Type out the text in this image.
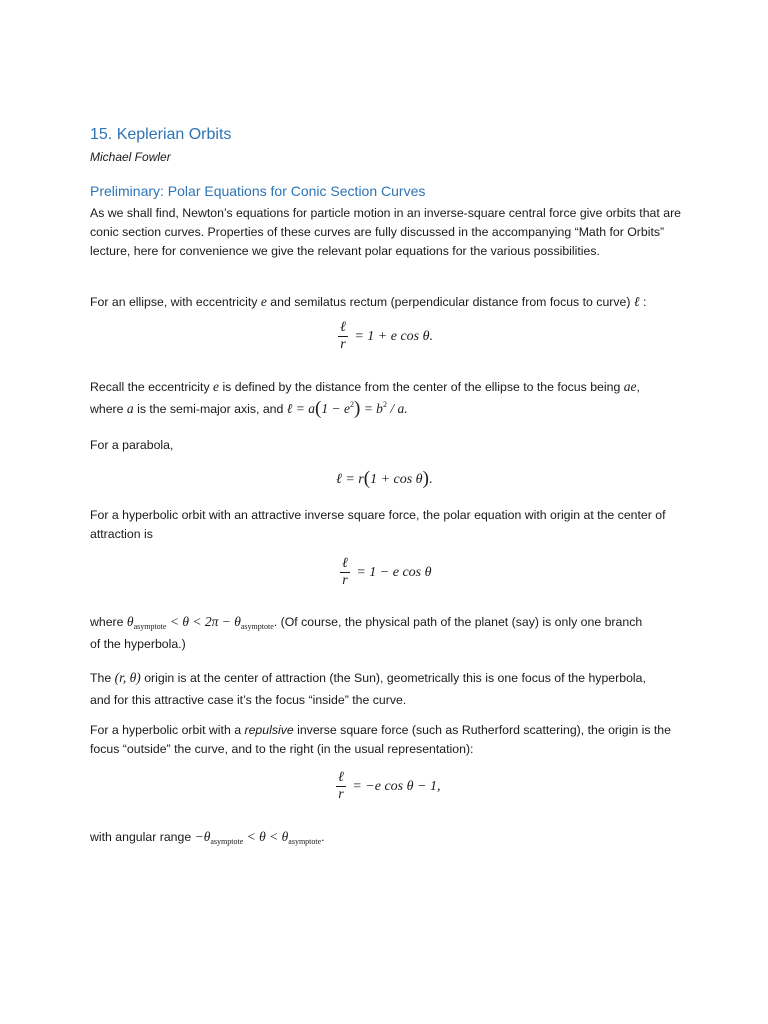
15. Keplerian Orbits
Michael Fowler
Preliminary: Polar Equations for Conic Section Curves
As we shall find, Newton’s equations for particle motion in an inverse-square central force give orbits that are conic section curves. Properties of these curves are fully discussed in the accompanying “Math for Orbits” lecture, here for convenience we give the relevant polar equations for the various possibilities.
For an ellipse, with eccentricity e and semilatus rectum (perpendicular distance from focus to curve) ℓ :
$\frac{\text{ℓ}}{r} = 1 + e$ cos θ.
Recall the eccentricity e is defined by the distance from the center of the ellipse to the focus being ae,
where a is the semi-major axis, and ℓ = $a(1 - e^2) = b^2 / a$.
For a parabola,
ℓ = r(1 + cos θ).
For a hyperbolic orbit with an attractive inverse square force, the polar equation with origin at the center of attraction is
$\frac{\text{ℓ}}{r} = 1 - e$ cos θ
where $\theta_{asymptote} < \theta < 2\pi - \theta_{asymptote}$. (Of course, the physical path of the planet (say) is only one branch
of the hyperbola.)
The (r, θ) origin is at the center of attraction (the Sun), geometrically this is one focus of the hyperbola,
and for this attractive case it’s the focus “inside” the curve.
For a hyperbolic orbit with a repulsive inverse square force (such as Rutherford scattering), the origin is the focus “outside” the curve, and to the right (in the usual representation):
$\frac{\text{ℓ}}{r} = -e$ cos θ − 1,
with angular range $-\theta_{asymptote} < \theta < \theta_{asymptote}$.
